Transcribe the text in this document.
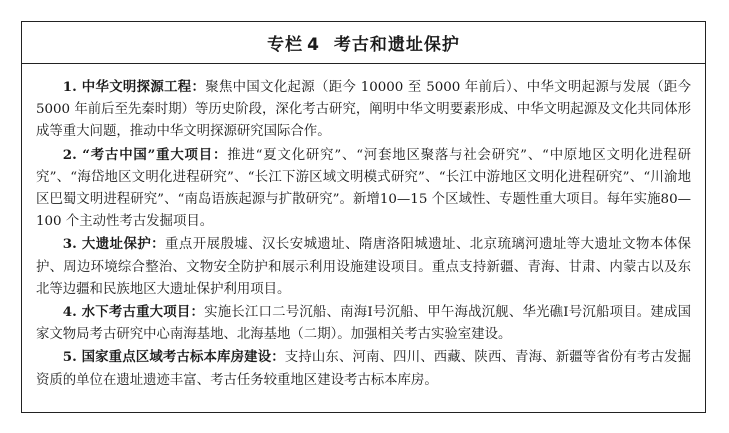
专栏 4 考古和遗址保护

1. 中华文明探源工程：聚焦中国文化起源（距今 10000 至 5000 年前后）、中华文明起源与发展（距今 5000 年前后至先秦时期）等历史阶段，深化考古研究，阐明中华文明要素形成、中华文明起源及文化共同体形成等重大问题，推动中华文明探源研究国际合作。

2. “考古中国”重大项目：推进“夏文化研究”、“河套地区聚落与社会研究”、“中原地区文明化进程研究”、“海岱地区文明化进程研究”、“长江下游区域文明模式研究”、“长江中游地区文明化进程研究”、“川渝地区巴蜀文明进程研究”、“南岛语族起源与扩散研究”。新增10—15 个区域性、专题性重大项目。每年实施80—100 个主动性考古发掘项目。

3. 大遗址保护：重点开展殷墟、汉长安城遗址、隋唐洛阳城遗址、北京琉璃河遗址等大遗址文物本体保护、周边环境综合整治、文物安全防护和展示利用设施建设项目。重点支持新疆、青海、甘肃、内蒙古以及东北等边疆和民族地区大遗址保护利用项目。

4. 水下考古重大项目：实施长江口二号沉船、南海Ⅰ号沉船、甲午海战沉舰、华光礁Ⅰ号沉船项目。建成国家文物局考古研究中心南海基地、北海基地（二期）。加强相关考古实验室建设。

5. 国家重点区域考古标本库房建设：支持山东、河南、四川、西藏、陕西、青海、新疆等省份有考古发掘资质的单位在遗址遗迹丰富、考古任务较重地区建设考古标本库房。
